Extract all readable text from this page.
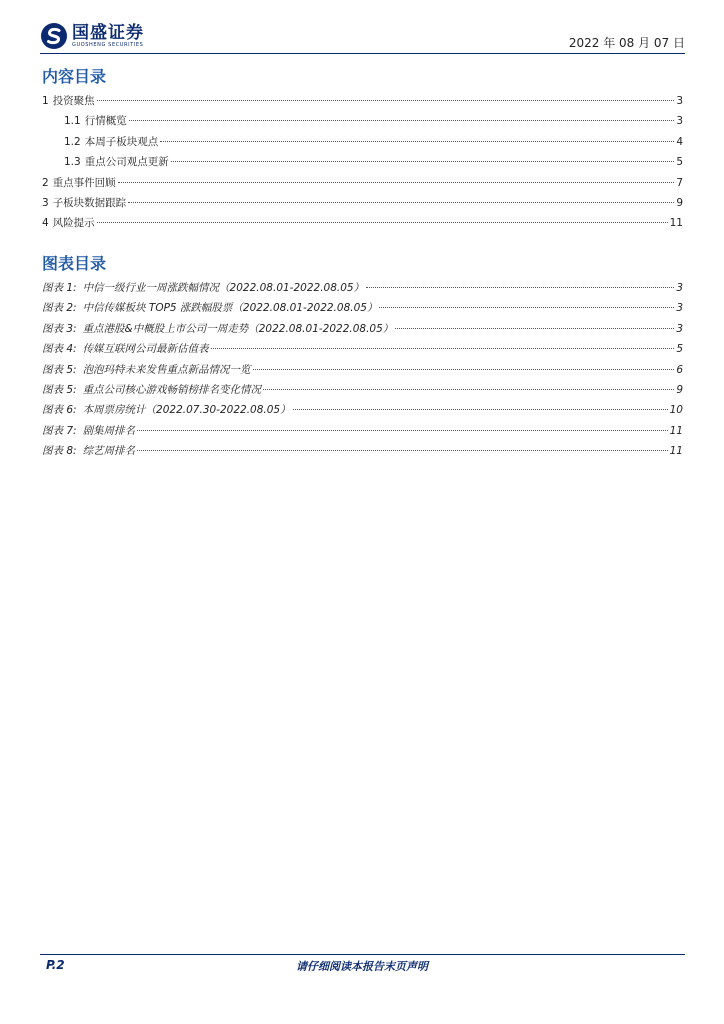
国盛证券
GUOSHENG SECURITIES	2022 年 08 月 07 日
内容目录
1 投资聚焦	3
1.1 行情概览	3
1.2 本周子板块观点	4
1.3 重点公司观点更新	5
2 重点事件回顾	7
3 子板块数据跟踪	9
4 风险提示	11
图表目录
图表 1: 中信一级行业一周涨跌幅情况（2022.08.01-2022.08.05）	3
图表 2: 中信传媒板块 TOP5 涨跌幅股票（2022.08.01-2022.08.05）	3
图表 3: 重点港股&中概股上市公司一周走势（2022.08.01-2022.08.05）	3
图表 4: 传媒互联网公司最新估值表	5
图表 5: 泡泡玛特未来发售重点新品情况一览	6
图表 5: 重点公司核心游戏畅销榜排名变化情况	9
图表 6: 本周票房统计（2022.07.30-2022.08.05）	10
图表 7: 剧集周排名	11
图表 8: 综艺周排名	11
请仔细阅读本报告末页声明
P.2
